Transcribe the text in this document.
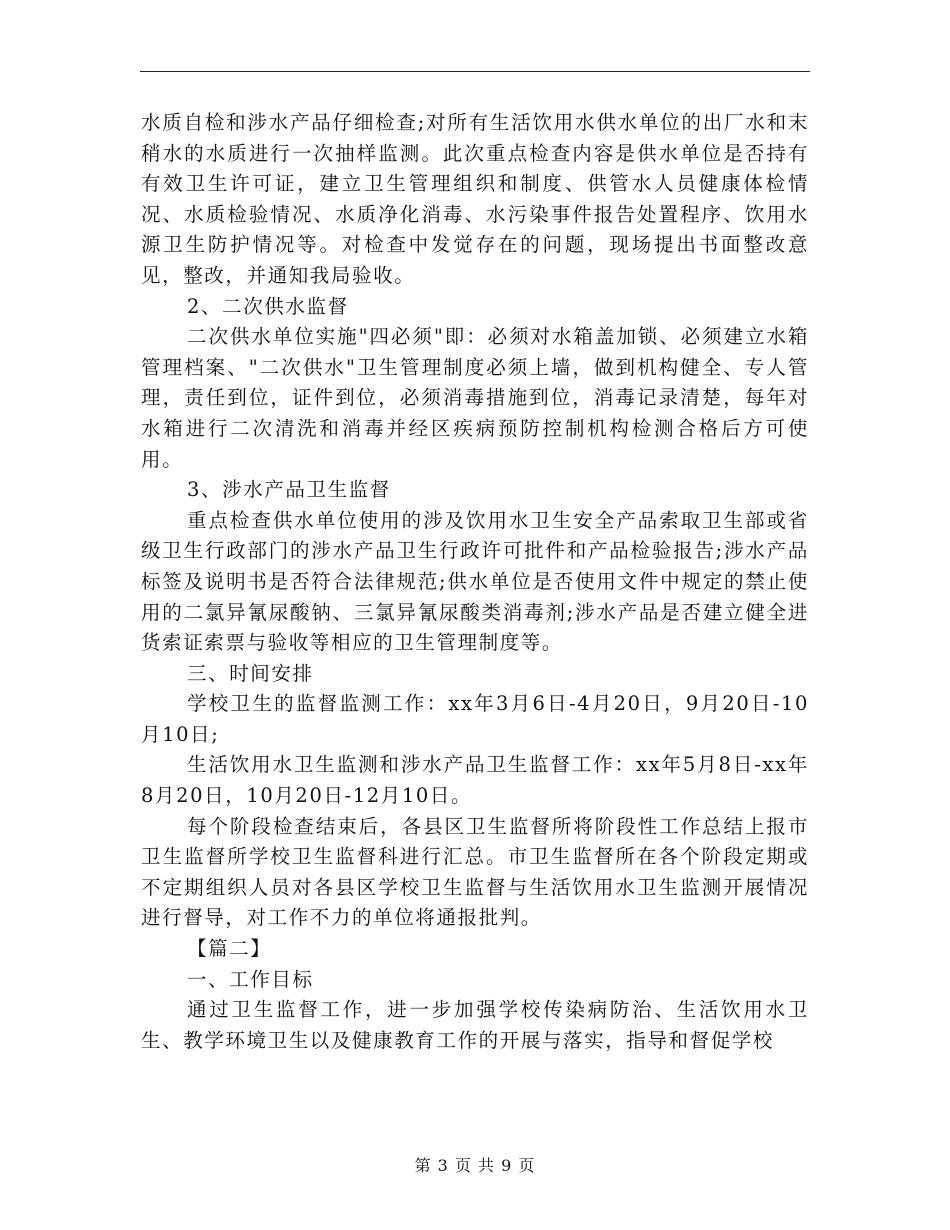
水质自检和涉水产品仔细检查;对所有生活饮用水供水单位的出厂水和末稍水的水质进行一次抽样监测。此次重点检查内容是供水单位是否持有有效卫生许可证，建立卫生管理组织和制度、供管水人员健康体检情况、水质检验情况、水质净化消毒、水污染事件报告处置程序、饮用水源卫生防护情况等。对检查中发觉存在的问题，现场提出书面整改意见，整改，并通知我局验收。

2、二次供水监督

二次供水单位实施"四必须"即：必须对水箱盖加锁、必须建立水箱管理档案、"二次供水"卫生管理制度必须上墙，做到机构健全、专人管理，责任到位，证件到位，必须消毒措施到位，消毒记录清楚，每年对水箱进行二次清洗和消毒并经区疾病预防控制机构检测合格后方可使用。

3、涉水产品卫生监督

重点检查供水单位使用的涉及饮用水卫生安全产品索取卫生部或省级卫生行政部门的涉水产品卫生行政许可批件和产品检验报告;涉水产品标签及说明书是否符合法律规范;供水单位是否使用文件中规定的禁止使用的二氯异氰尿酸钠、三氯异氰尿酸类消毒剂;涉水产品是否建立健全进货索证索票与验收等相应的卫生管理制度等。

三、时间安排

学校卫生的监督监测工作：xx年3月6日-4月20日，9月20日-10月10日;

生活饮用水卫生监测和涉水产品卫生监督工作：xx年5月8日-xx年8月20日，10月20日-12月10日。

每个阶段检查结束后，各县区卫生监督所将阶段性工作总结上报市卫生监督所学校卫生监督科进行汇总。市卫生监督所在各个阶段定期或不定期组织人员对各县区学校卫生监督与生活饮用水卫生监测开展情况进行督导，对工作不力的单位将通报批判。

【篇二】

一、工作目标

通过卫生监督工作，进一步加强学校传染病防治、生活饮用水卫生、教学环境卫生以及健康教育工作的开展与落实，指导和督促学校

第 3 页 共 9 页
